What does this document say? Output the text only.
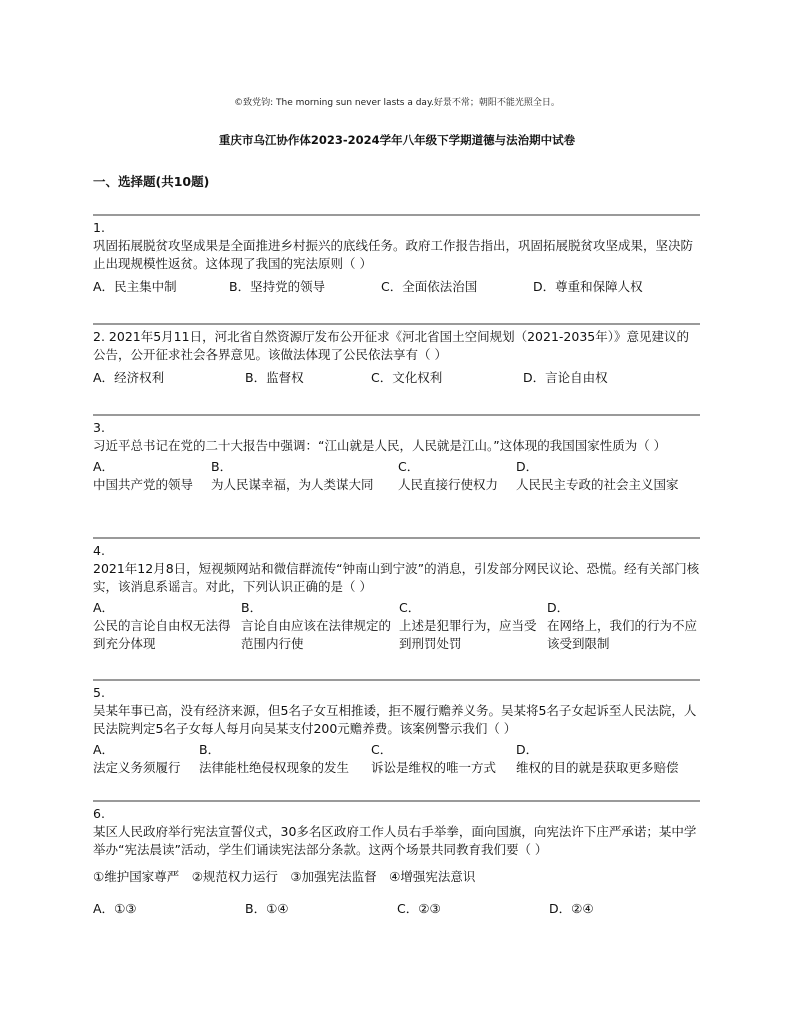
©致党钧: The morning sun never lasts a day.好景不常；朝阳不能光照全日。
重庆市乌江协作体2023-2024学年八年级下学期道德与法治期中试卷
一、选择题(共10题)
1.
巩固拓展脱贫攻坚成果是全面推进乡村振兴的底线任务。政府工作报告指出，巩固拓展脱贫攻坚成果，坚决防止出现规模性返贫。这体现了我国的宪法原则（ ）
A．民主集中制	B．坚持党的领导	C．全面依法治国	D．尊重和保障人权
2. 2021年5月11日，河北省自然资源厅发布公开征求《河北省国土空间规划（2021-2035年）》意见建议的公告，公开征求社会各界意见。该做法体现了公民依法享有（ ）
A．经济权利	B．监督权	C．文化权利	D．言论自由权
3.
习近平总书记在党的二十大报告中强调：“江山就是人民，人民就是江山。”这体现的我国国家性质为（ ）
A．
中国共产党的领导
B．
为人民谋幸福，为人类谋大同
C．
人民直接行使权力
D．
人民民主专政的社会主义国家
4.
2021年12月8日，短视频网站和微信群流传“钟南山到宁波”的消息，引发部分网民议论、恐慌。经有关部门核实，该消息系谣言。对此，下列认识正确的是（ ）
A．
公民的言论自由权无法得到充分体现
B．
言论自由应该在法律规定的范围内行使
C．
上述是犯罪行为，应当受到刑罚处罚
D．
在网络上，我们的行为不应该受到限制
5.
吴某年事已高，没有经济来源，但5名子女互相推诿，拒不履行赡养义务。吴某将5名子女起诉至人民法院，人民法院判定5名子女每人每月向吴某支付200元赡养费。该案例警示我们（ ）
A．
法定义务须履行
B．
法律能杜绝侵权现象的发生
C．
诉讼是维权的唯一方式
D．
维权的目的就是获取更多赔偿
6.
某区人民政府举行宪法宣誓仪式，30多名区政府工作人员右手举拳，面向国旗，向宪法许下庄严承诺；某中学举办“宪法晨读”活动，学生们诵读宪法部分条款。这两个场景共同教育我们要（ ）
①维护国家尊严　②规范权力运行　③加强宪法监督　④增强宪法意识
A．①③	B．①④	C．②③	D．②④
